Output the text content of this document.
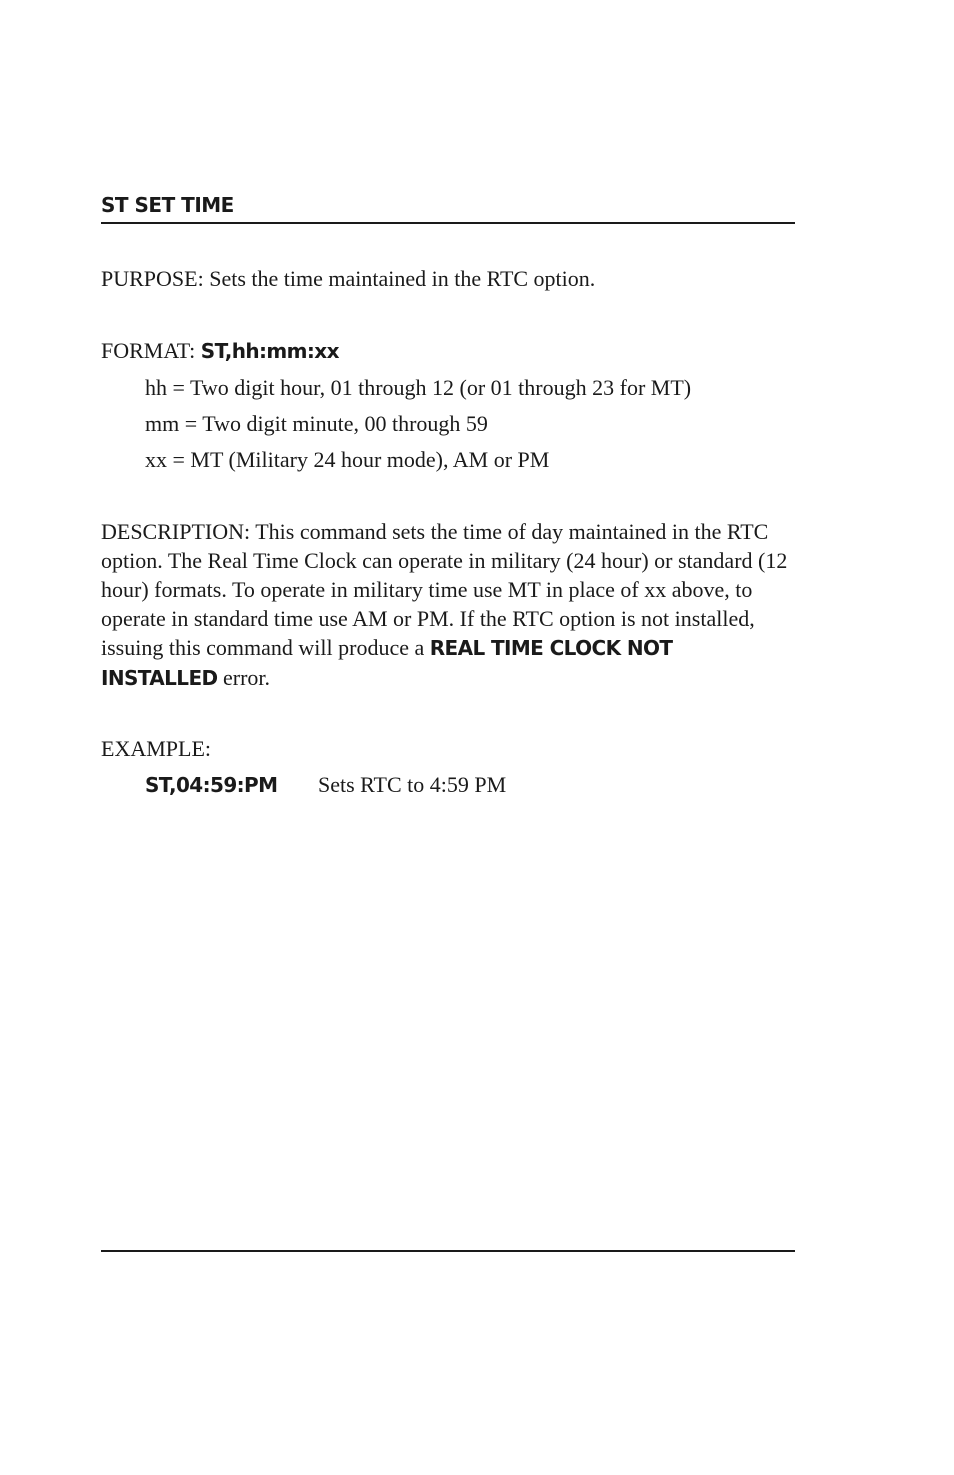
ST SET TIME
PURPOSE: Sets the time maintained in the RTC option.
FORMAT: ST,hh:mm:xx
hh = Two digit hour, 01 through 12 (or 01 through 23 for MT)
mm = Two digit minute, 00 through 59
xx = MT (Military 24 hour mode), AM or PM
DESCRIPTION: This command sets the time of day maintained in the RTC option. The Real Time Clock can operate in military (24 hour) or standard (12 hour) formats. To operate in military time use MT in place of xx above, to operate in standard time use AM or PM. If the RTC option is not installed, issuing this command will produce a REAL TIME CLOCK NOT INSTALLED error.
EXAMPLE:
ST,04:59:PM Sets RTC to 4:59 PM
